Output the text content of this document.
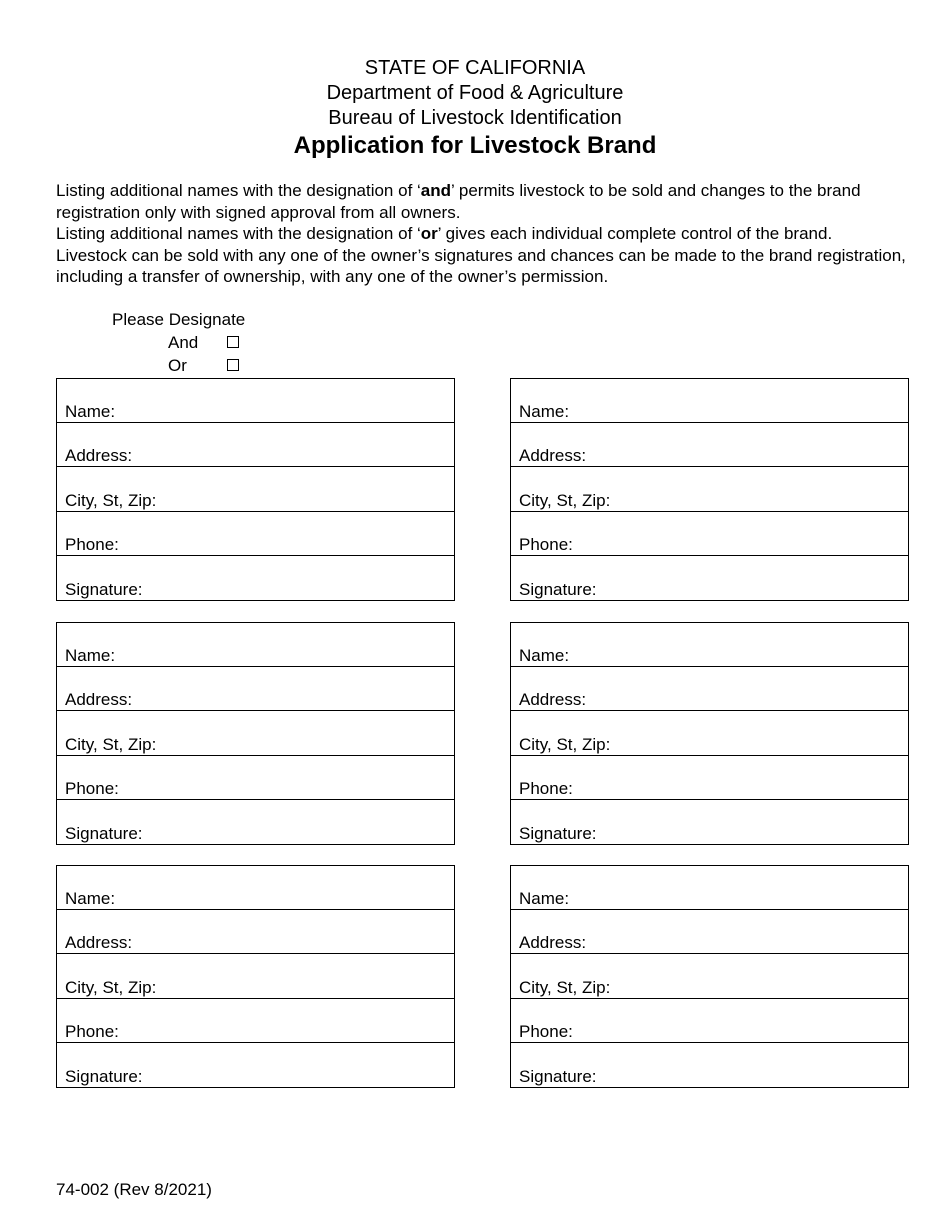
STATE OF CALIFORNIA
Department of Food & Agriculture
Bureau of Livestock Identification
Application for Livestock Brand

Listing additional names with the designation of ‘and’ permits livestock to be sold and changes to the brand registration only with signed approval from all owners.

Listing additional names with the designation of ‘or’ gives each individual complete control of the brand. Livestock can be sold with any one of the owner’s signatures and chances can be made to the brand registration, including a transfer of ownership, with any one of the owner’s permission.

Please Designate
And
Or
Name:
Address:
City, St, Zip:
Phone:
Signature:
Name:
Address:
City, St, Zip:
Phone:
Signature:
Name:
Address:
City, St, Zip:
Phone:
Signature:
Name:
Address:
City, St, Zip:
Phone:
Signature:
Name:
Address:
City, St, Zip:
Phone:
Signature:
Name:
Address:
City, St, Zip:
Phone:
Signature:
74-002 (Rev 8/2021)
